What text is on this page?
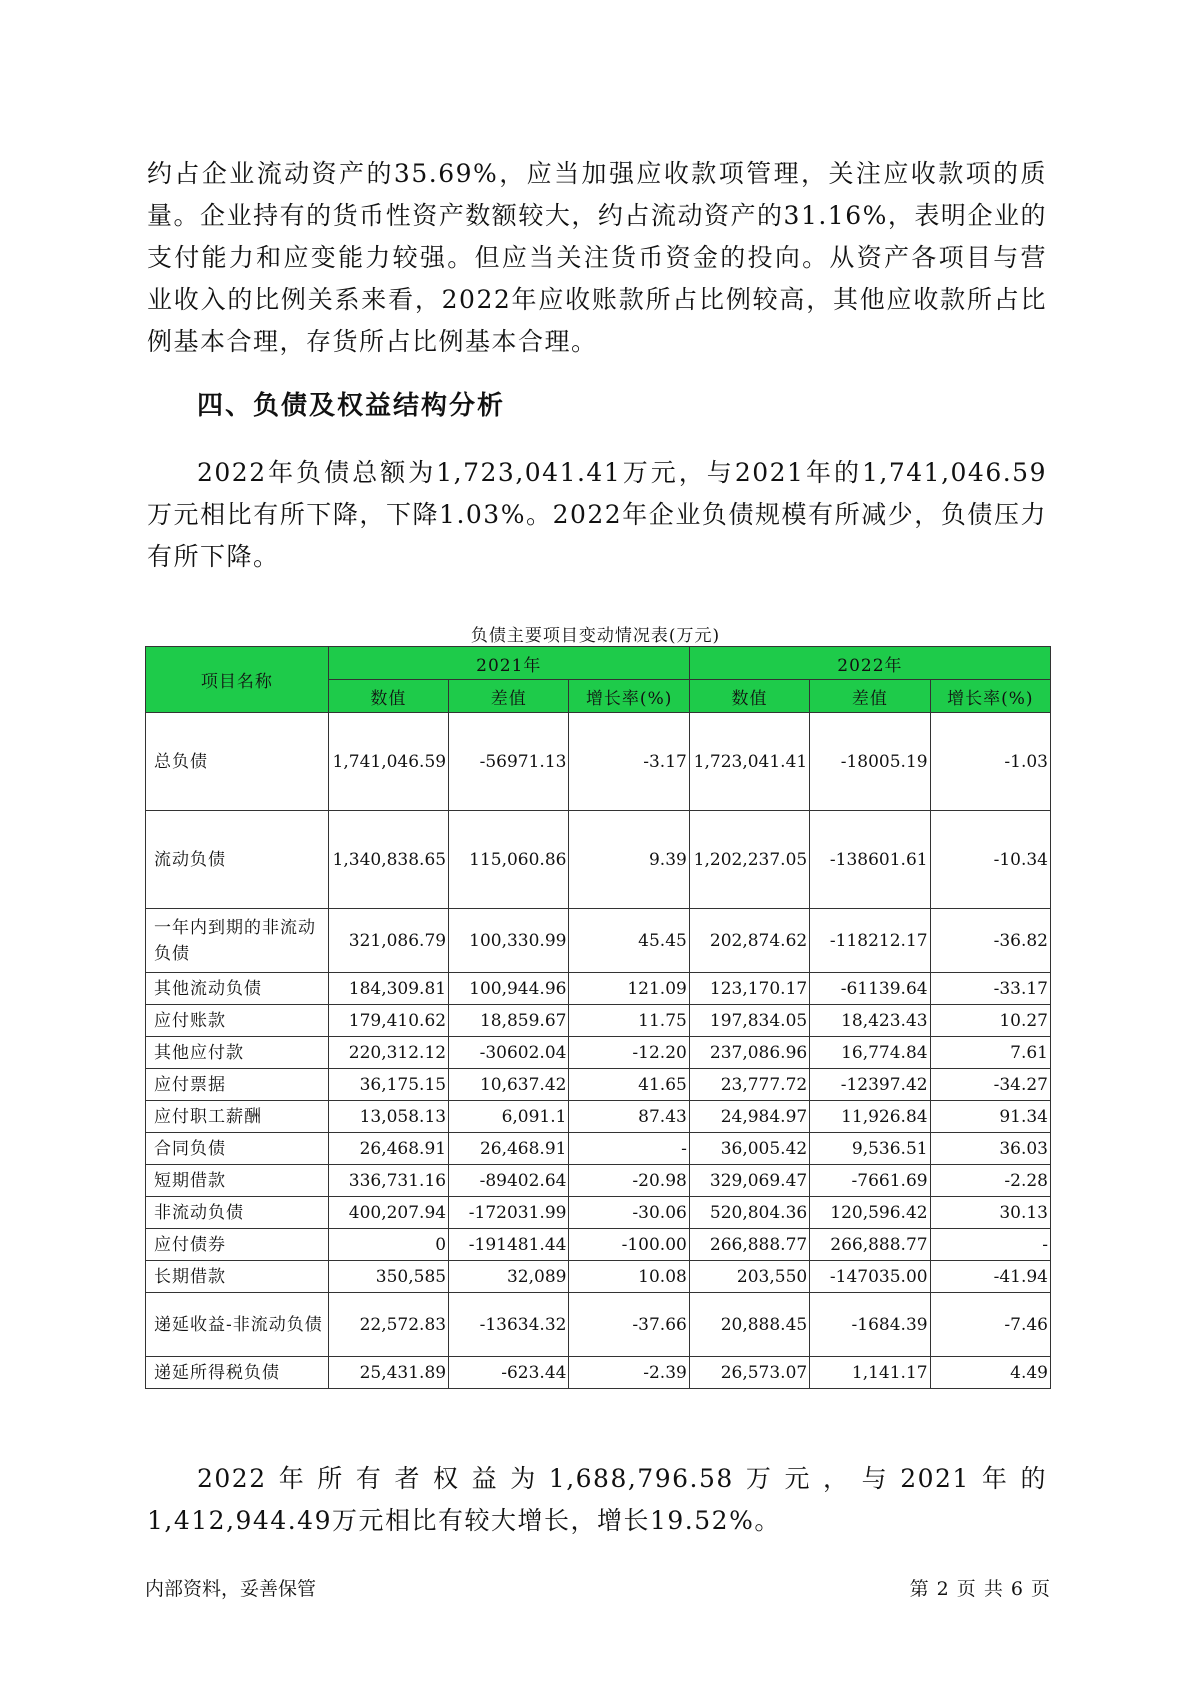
约占企业流动资产的35.69%，应当加强应收款项管理，关注应收款项的质量。企业持有的货币性资产数额较大，约占流动资产的31.16%，表明企业的支付能力和应变能力较强。但应当关注货币资金的投向。从资产各项目与营业收入的比例关系来看，2022年应收账款所占比例较高，其他应收款所占比例基本合理，存货所占比例基本合理。

四、负债及权益结构分析

2022年负债总额为1,723,041.41万元，与2021年的1,741,046.59万元相比有所下降，下降1.03%。2022年企业负债规模有所减少，负债压力有所下降。

负债主要项目变动情况表(万元)
项目名称	2021年			2022年		
	数值	差值	增长率(%)	数值	差值	增长率(%)
总负债	1,741,046.59	-56971.13	-3.17	1,723,041.41	-18005.19	-1.03
流动负债	1,340,838.65	115,060.86	9.39	1,202,237.05	-138601.61	-10.34
一年内到期的非流动负债	321,086.79	100,330.99	45.45	202,874.62	-118212.17	-36.82
其他流动负债	184,309.81	100,944.96	121.09	123,170.17	-61139.64	-33.17
应付账款	179,410.62	18,859.67	11.75	197,834.05	18,423.43	10.27
其他应付款	220,312.12	-30602.04	-12.20	237,086.96	16,774.84	7.61
应付票据	36,175.15	10,637.42	41.65	23,777.72	-12397.42	-34.27
应付职工薪酬	13,058.13	6,091.1	87.43	24,984.97	11,926.84	91.34
合同负债	26,468.91	26,468.91	-	36,005.42	9,536.51	36.03
短期借款	336,731.16	-89402.64	-20.98	329,069.47	-7661.69	-2.28
非流动负债	400,207.94	-172031.99	-30.06	520,804.36	120,596.42	30.13
应付债券	0	-191481.44	-100.00	266,888.77	266,888.77	-
长期借款	350,585	32,089	10.08	203,550	-147035.00	-41.94
递延收益-非流动负债	22,572.83	-13634.32	-37.66	20,888.45	-1684.39	-7.46
递延所得税负债	25,431.89	-623.44	-2.39	26,573.07	1,141.17	4.49

2022年所有者权益为1,688,796.58万元，与2021年的1,412,944.49万元相比有较大增长，增长19.52%。

内部资料，妥善保管	第 2 页 共 6 页
